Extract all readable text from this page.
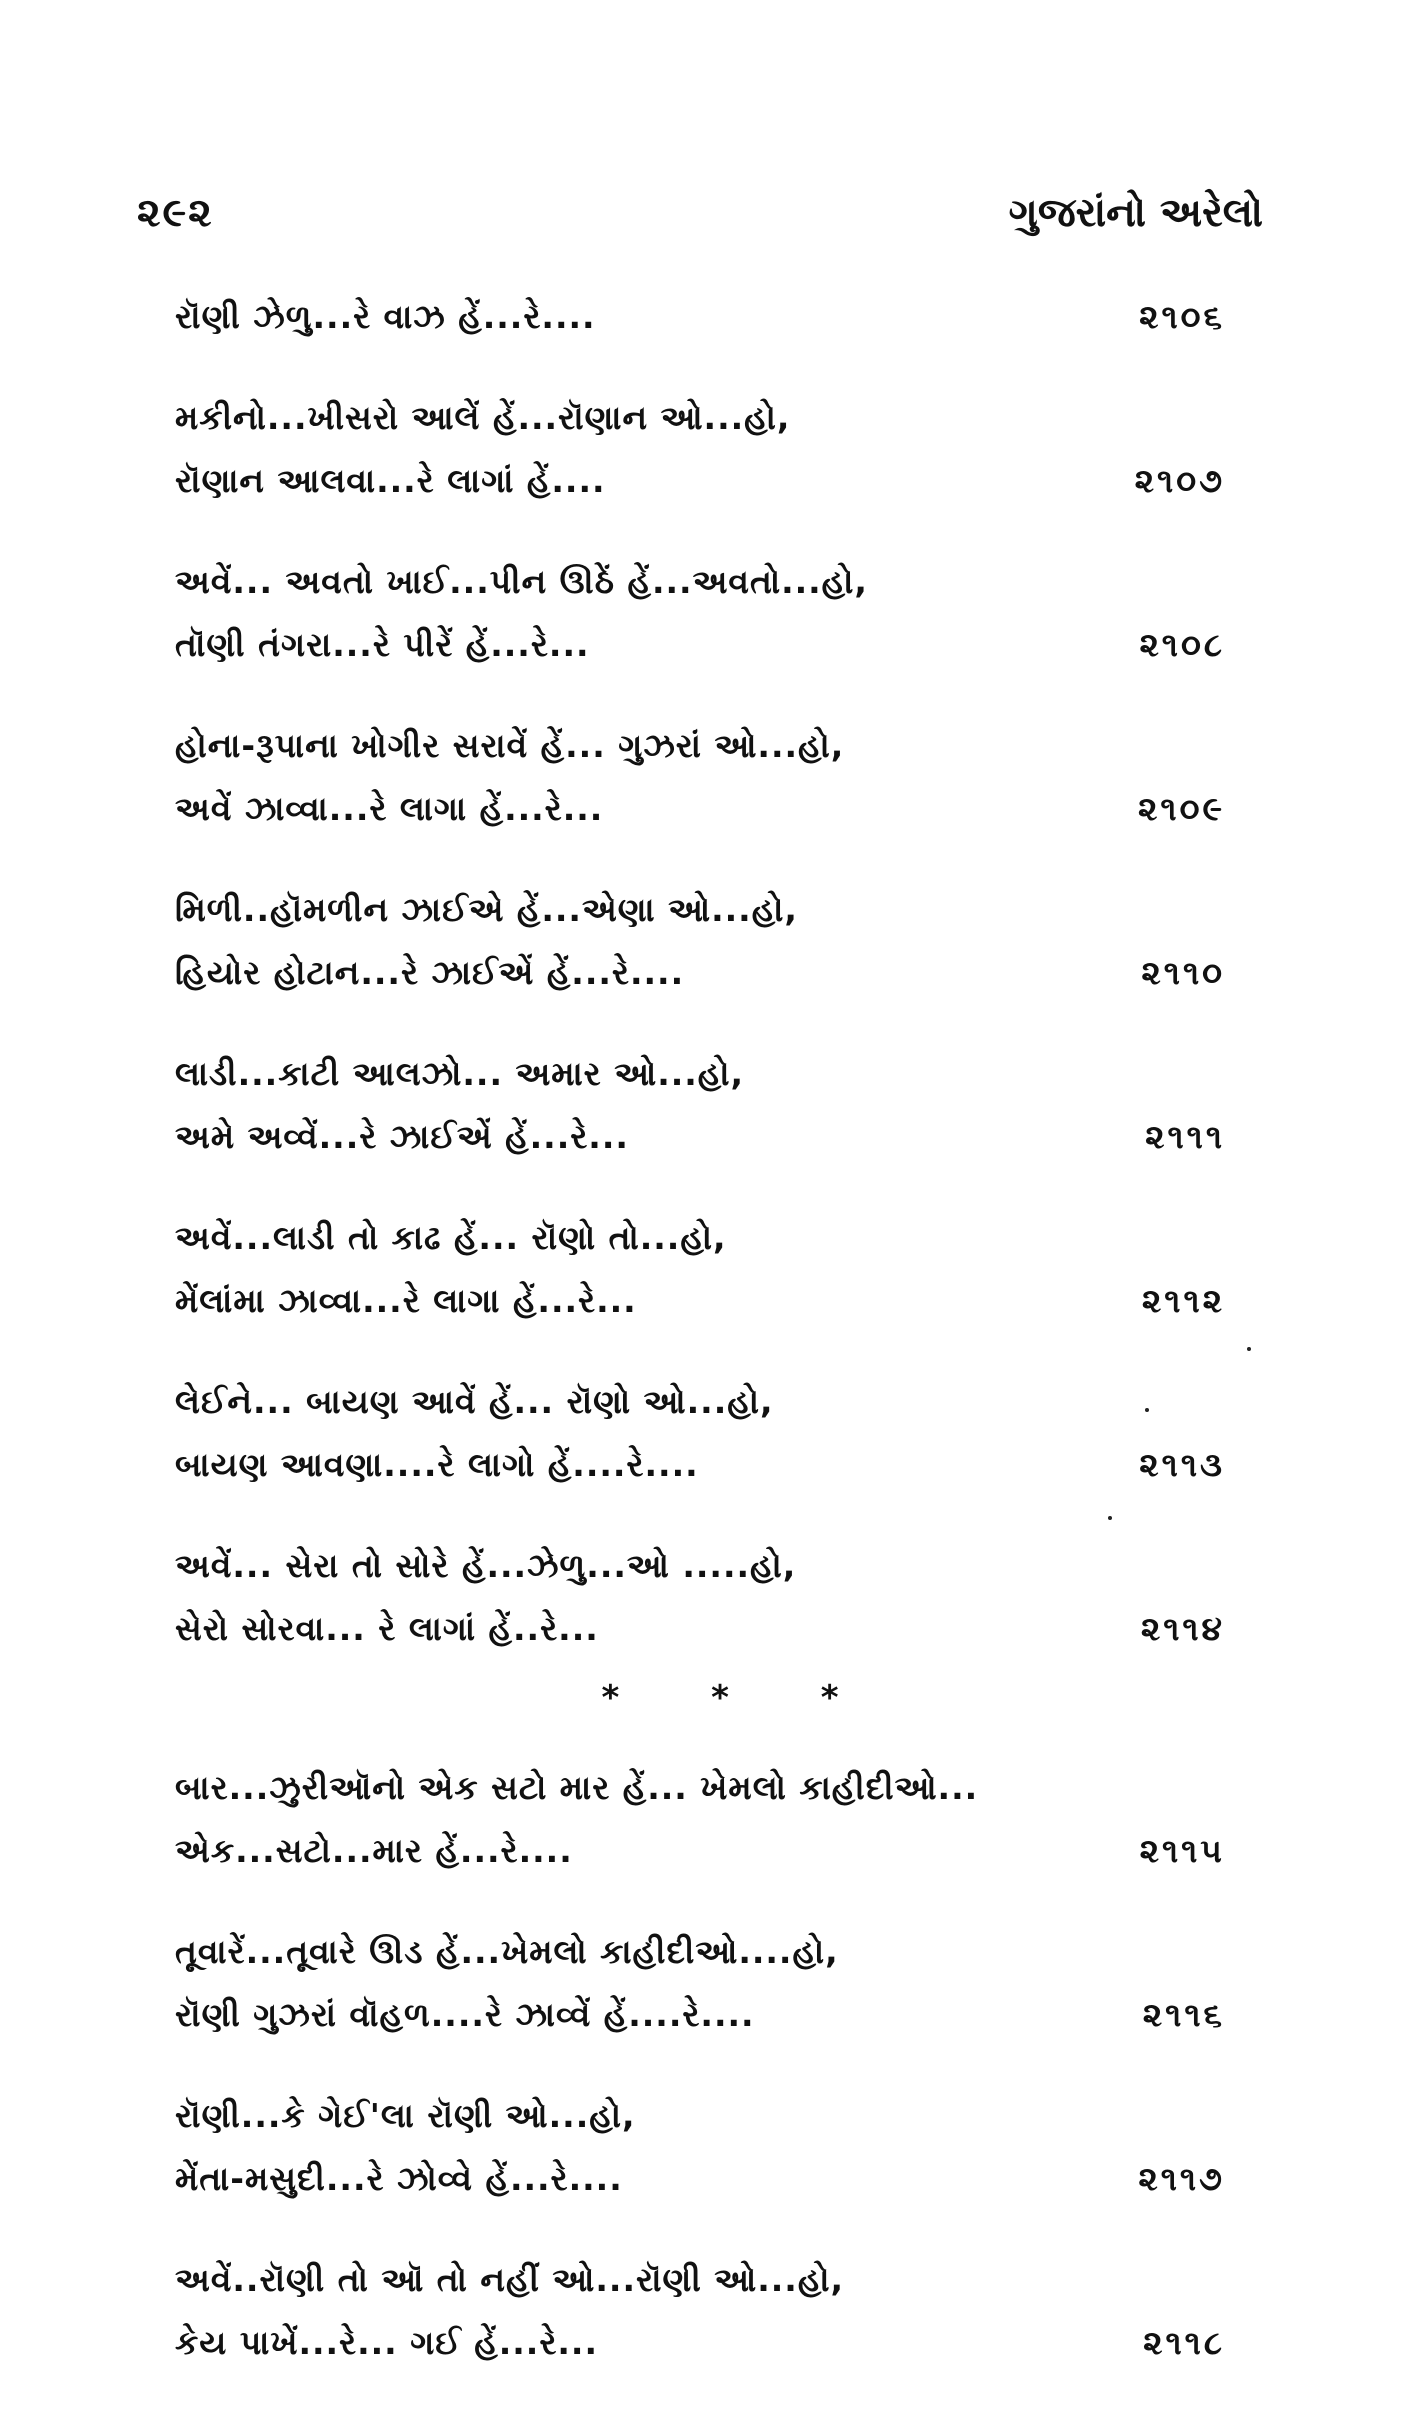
૨૯૨	ગુજરાંનો અરેલો
રૉણી ઝેળુ...રે વાઝ હેં...રે....	૨૧૦૬
મકીનો...ખીસરો આલેં હેં...રૉણાન ઓ...હો,
રૉણાન આલવા...રે લાગાં હેં....	૨૧૦૭
અવેં... અવતો ખાઈ...પીન ઊઠેં હેં...અવતો...હો,
તૉણી તંગરા...રે પીરેં હેં...રે...	૨૧૦૮
હોના-રૂપાના ખોગીર સરાવેં હેં... ગુઝરાં ઓ...હો,
અવેં ઝાવ્વા...રે લાગા હેં...રે...	૨૧૦૯
મિળી..હૉમળીન ઝાઈએ હેં...એણા ઓ...હો,
હિયોર હોટાન...રે ઝાઈએં હેં...રે....	૨૧૧૦
લાડી...કાટી આલઝો... અમાર ઓ...હો,
અમે અવ્વેં...રે ઝાઈએં હેં...રે...	૨૧૧૧
અવેં...લાડી તો કાઢ હેં... રૉણો તો...હો,
મેંલાંમા ઝાવ્વા...રે લાગા હેં...રે...	૨૧૧૨
લેઈને... બાયણ આવેં હેં... રૉણો ઓ...હો,
બાયણ આવણા....રે લાગો હેં....રે....	૨૧૧૩
અવેં... સેરા તો સોરે હેં...ઝેળુ...ઓ .....હો,
સેરો સોરવા... રે લાગાં હેં..રે...	૨૧૧૪
* * *
બાર...ઝુરીઑનો એક સટો માર હેં... ખેમલો કાહીદીઓ...
એક...સટો...માર હેં...રે....	૨૧૧૫
તૂવારેં...તૂવારે ઊડ હેં...ખેમલો કાહીદીઓ....હો,
રૉણી ગુઝરાં વૉહળ....રે ઝાવ્વેં હેં....રે....	૨૧૧૬
રૉણી...કે ગેઈ'લા રૉણી ઓ...હો,
મેંતા-મસુદી...રે ઝોવ્વે હેં...રે....	૨૧૧૭
અવેં..રૉણી તો ઑ તો નહીં ઓ...રૉણી ઓ...હો,
કેય પાખેં...રે... ગઈ હેં...રે...	૨૧૧૮
